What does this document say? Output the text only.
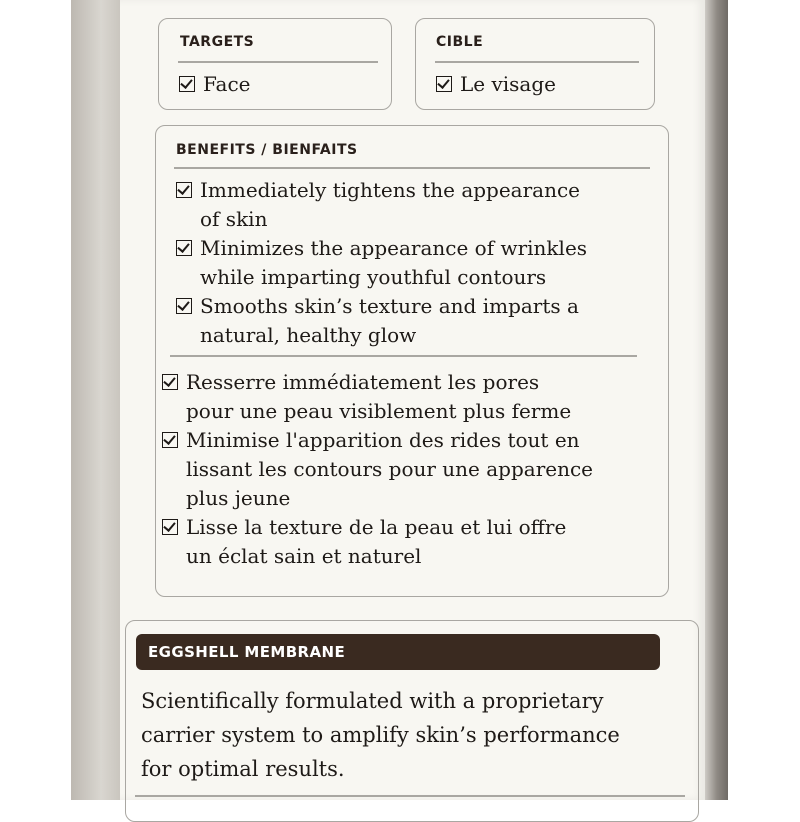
TARGETS
Face
CIBLE
Le visage
BENEFITS / BIENFAITS
Immediately tightens the appearance
of skin
Minimizes the appearance of wrinkles
while imparting youthful contours
Smooths skin’s texture and imparts a
natural, healthy glow
Resserre immédiatement les pores
pour une peau visiblement plus ferme
Minimise l'apparition des rides tout en
lissant les contours pour une apparence
plus jeune
Lisse la texture de la peau et lui offre
un éclat sain et naturel
EGGSHELL MEMBRANE
Scientifically formulated with a proprietary
carrier system to amplify skin’s performance
for optimal results.
